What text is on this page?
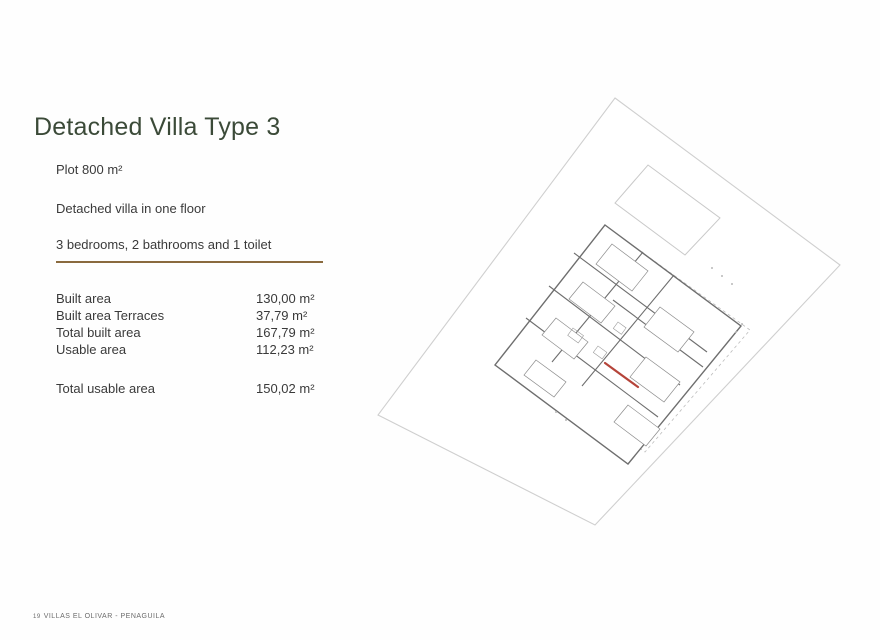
Detached Villa Type 3
Plot 800 m²
Detached villa in one floor
3 bedrooms, 2 bathrooms and 1 toilet
Built area	130,00 m²
Built area Terraces	37,79 m²
Total built area	167,79 m²
Usable area	112,23 m²
Total usable area	150,02 m²
19 VILLAS EL OLIVAR - PENAGUILA
